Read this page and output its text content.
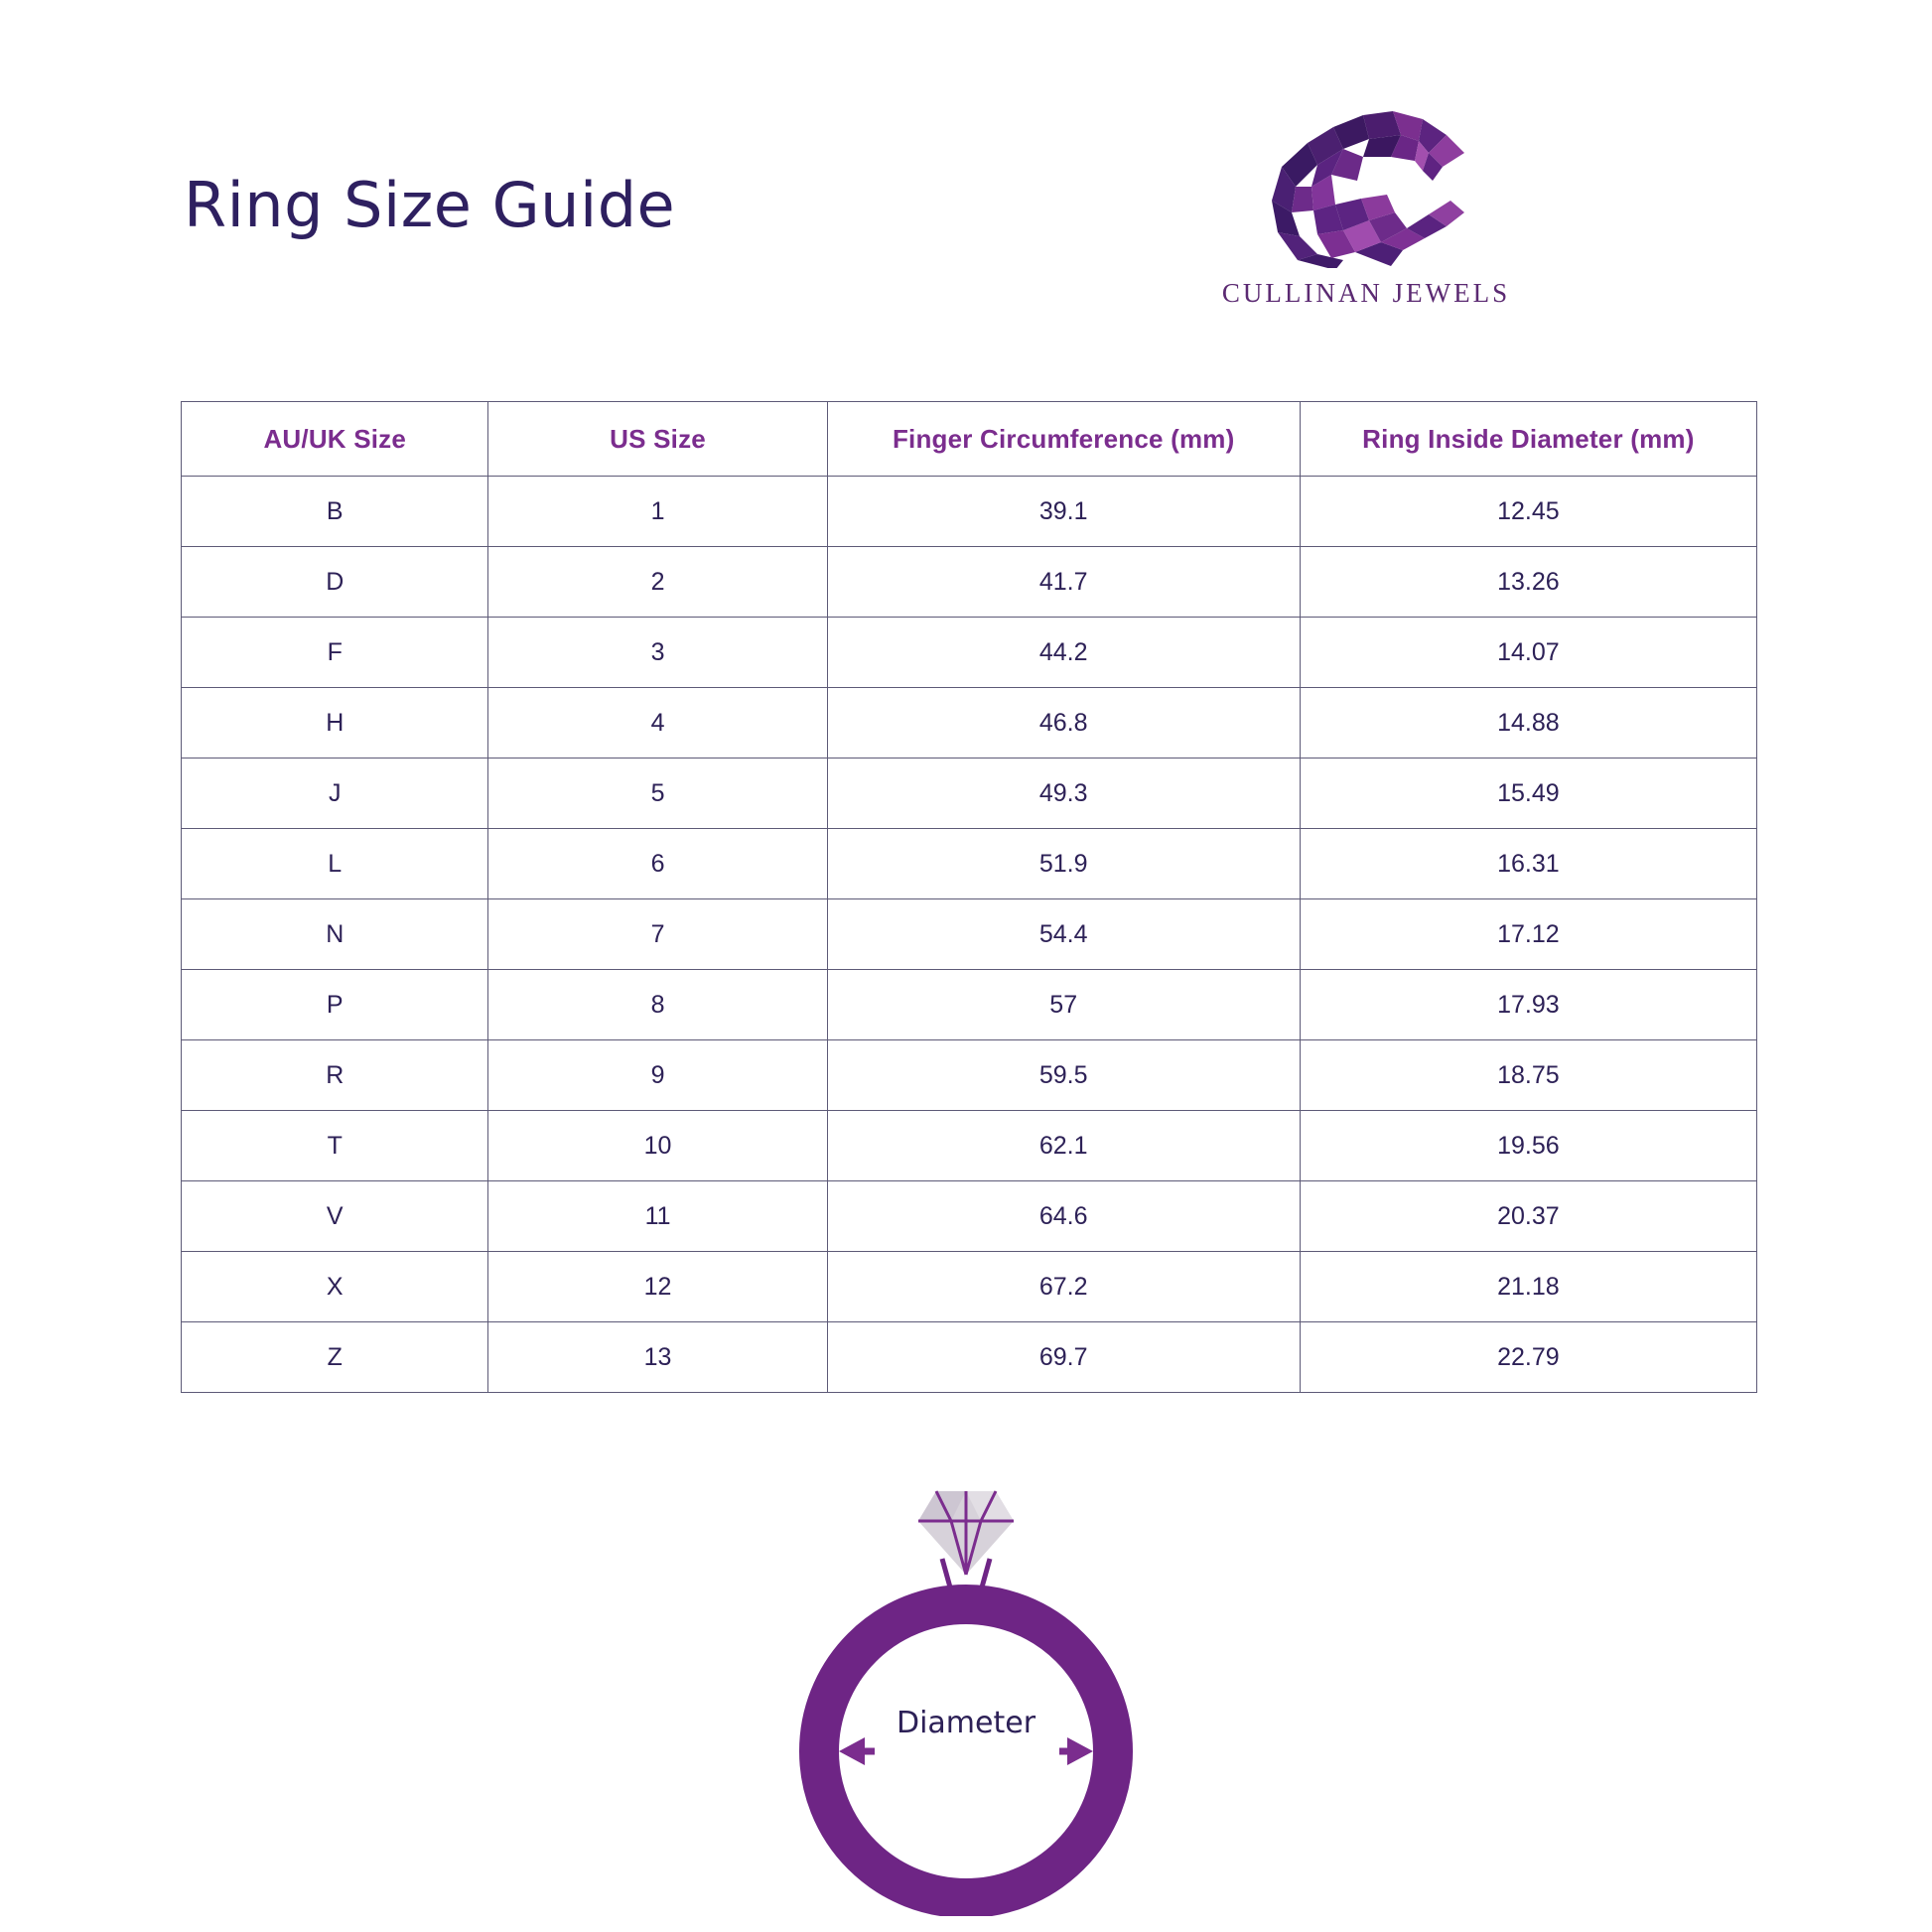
Ring Size Guide
CULLINAN JEWELS
AU/UK Size	US Size	Finger Circumference (mm)	Ring Inside Diameter (mm)
B	1	39.1	12.45
D	2	41.7	13.26
F	3	44.2	14.07
H	4	46.8	14.88
J	5	49.3	15.49
L	6	51.9	16.31
N	7	54.4	17.12
P	8	57	17.93
R	9	59.5	18.75
T	10	62.1	19.56
V	11	64.6	20.37
X	12	67.2	21.18
Z	13	69.7	22.79
Diameter
